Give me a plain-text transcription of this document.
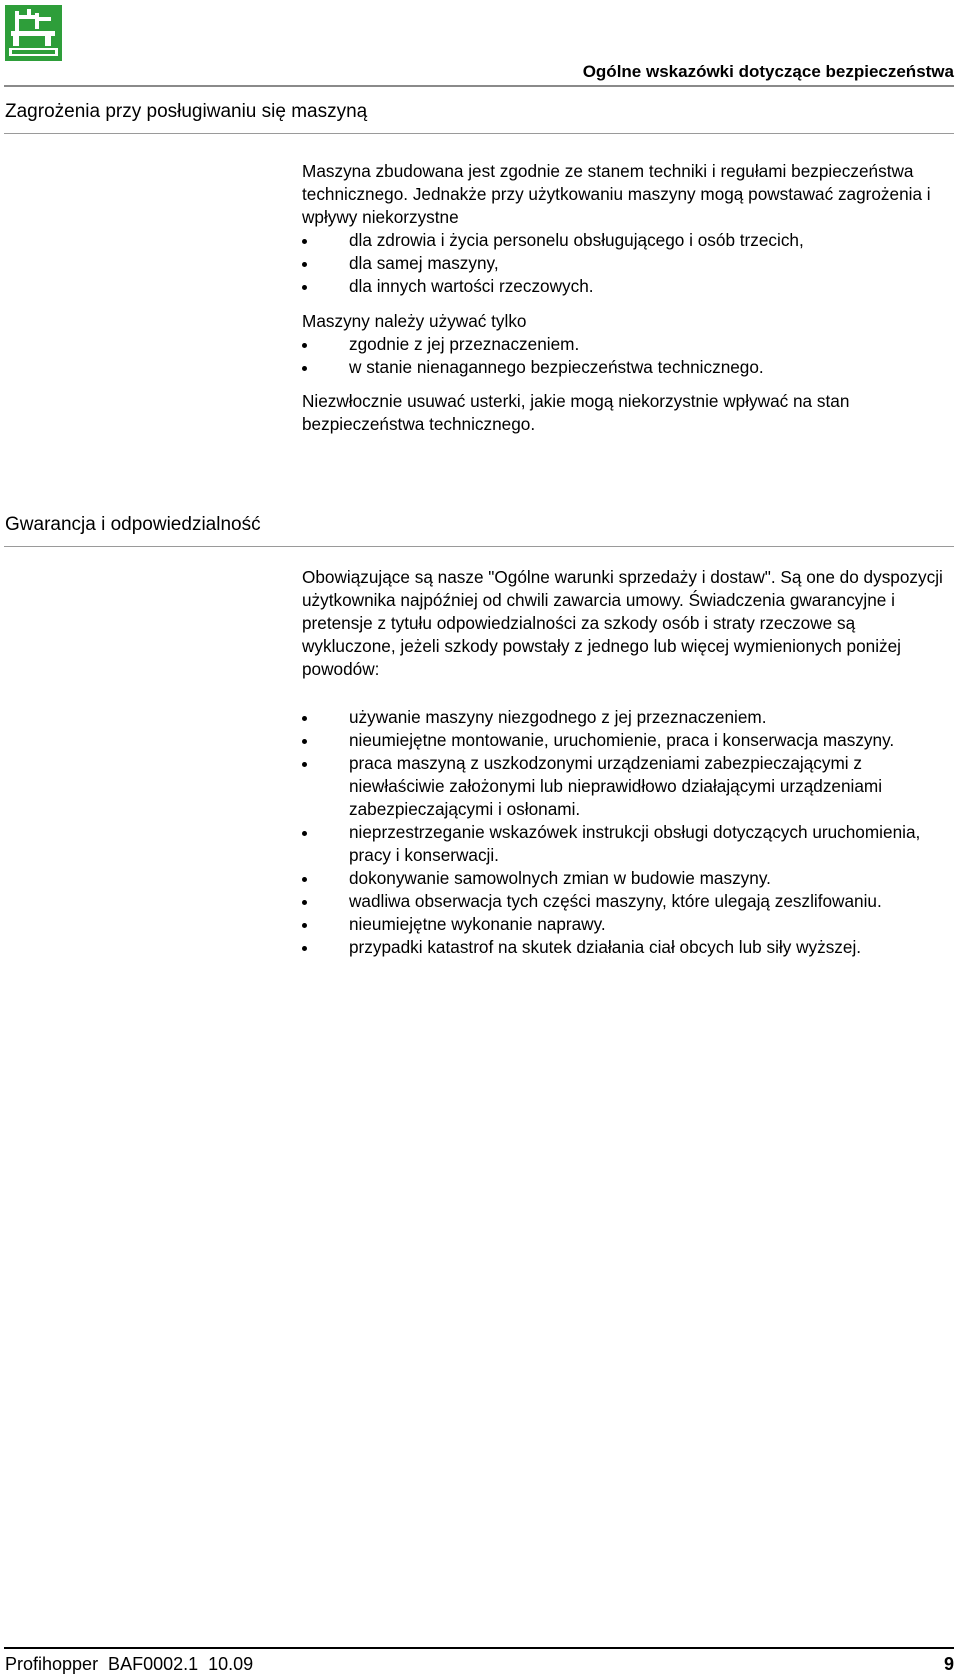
Ogólne wskazówki dotyczące bezpieczeństwa
Zagrożenia przy posługiwaniu się maszyną

Maszyna zbudowana jest zgodnie ze stanem techniki i regułami bezpieczeństwa technicznego. Jednakże przy użytkowaniu maszyny mogą powstawać zagrożenia i wpływy niekorzystne

dla zdrowia i życia personelu obsługującego i osób trzecich,
dla samej maszyny,
dla innych wartości rzeczowych.

Maszyny należy używać tylko

zgodnie z jej przeznaczeniem.
w stanie nienagannego bezpieczeństwa technicznego.

Niezwłocznie usuwać usterki, jakie mogą niekorzystnie wpływać na stan bezpieczeństwa technicznego.

Gwarancja i odpowiedzialność

Obowiązujące są nasze "Ogólne warunki sprzedaży i dostaw". Są one do dyspozycji użytkownika najpóźniej od chwili zawarcia umowy. Świadczenia gwarancyjne i pretensje z tytułu odpowiedzialności za szkody osób i straty rzeczowe są wykluczone, jeżeli szkody powstały z jednego lub więcej wymienionych poniżej powodów:

używanie maszyny niezgodnego z jej przeznaczeniem.
nieumiejętne montowanie, uruchomienie, praca i konserwacja maszyny.
praca maszyną z uszkodzonymi urządzeniami zabezpieczającymi z niewłaściwie założonymi lub nieprawidłowo działającymi urządzeniami zabezpieczającymi i osłonami.
nieprzestrzeganie wskazówek instrukcji obsługi dotyczących uruchomienia, pracy i konserwacji.
dokonywanie samowolnych zmian w budowie maszyny.
wadliwa obserwacja tych części maszyny, które ulegają zeszlifowaniu.
nieumiejętne wykonanie naprawy.
przypadki katastrof na skutek działania ciał obcych lub siły wyższej.
Profihopper  BAF0002.1  10.09	9
